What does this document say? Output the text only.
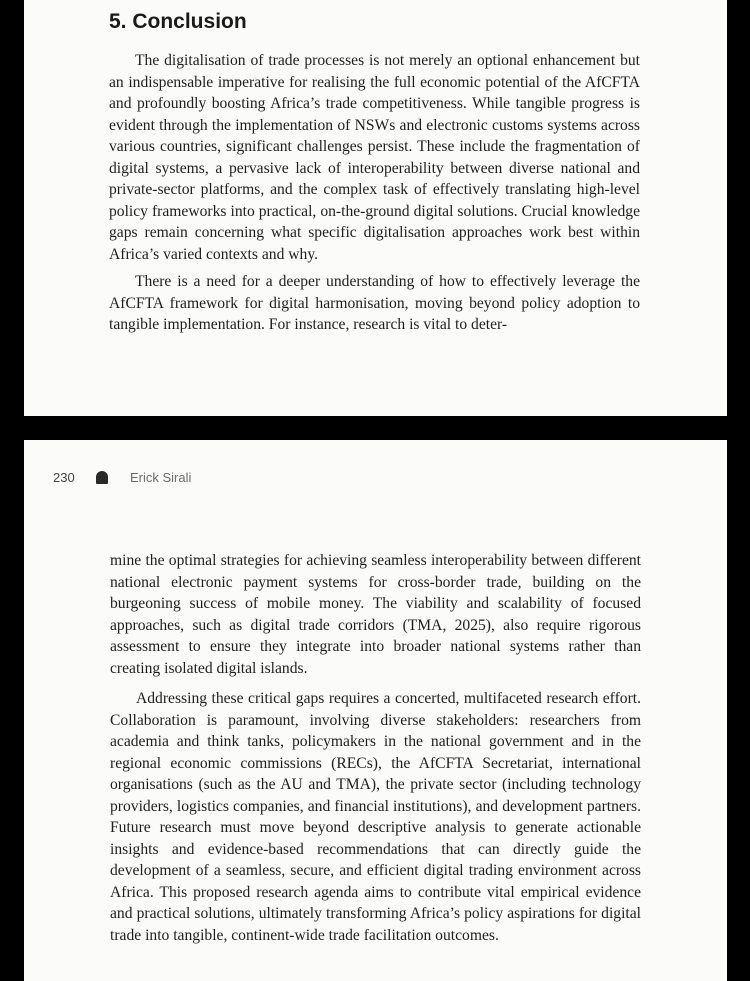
5. Conclusion

The digitalisation of trade processes is not merely an optional enhancement but an indispensable imperative for realising the full economic potential of the AfCFTA and profoundly boosting Africa’s trade competitiveness. While tangible progress is evident through the implementation of NSWs and electronic customs systems across various countries, significant challenges persist. These include the fragmentation of digital systems, a pervasive lack of interoperability between diverse national and private-sector platforms, and the complex task of effectively translating high-level policy frameworks into practical, on-the-ground digital solutions. Crucial knowledge gaps remain concerning what specific digitalisation approaches work best within Africa’s varied contexts and why.

There is a need for a deeper understanding of how to effectively leverage the AfCFTA framework for digital harmonisation, moving beyond policy adoption to tangible implementation. For instance, research is vital to deter-

230	Erick Sirali

mine the optimal strategies for achieving seamless interoperability between different national electronic payment systems for cross-border trade, building on the burgeoning success of mobile money. The viability and scalability of focused approaches, such as digital trade corridors (TMA, 2025), also require rigorous assessment to ensure they integrate into broader national systems rather than creating isolated digital islands.

Addressing these critical gaps requires a concerted, multifaceted research effort. Collaboration is paramount, involving diverse stakeholders: researchers from academia and think tanks, policymakers in the national government and in the regional economic commissions (RECs), the AfCFTA Secretariat, international organisations (such as the AU and TMA), the private sector (including technology providers, logistics companies, and financial institutions), and development partners. Future research must move beyond descriptive analysis to generate actionable insights and evidence-based recommendations that can directly guide the development of a seamless, secure, and efficient digital trading environment across Africa. This proposed research agenda aims to contribute vital empirical evidence and practical solutions, ultimately transforming Africa’s policy aspirations for digital trade into tangible, continent-wide trade facilitation outcomes.
